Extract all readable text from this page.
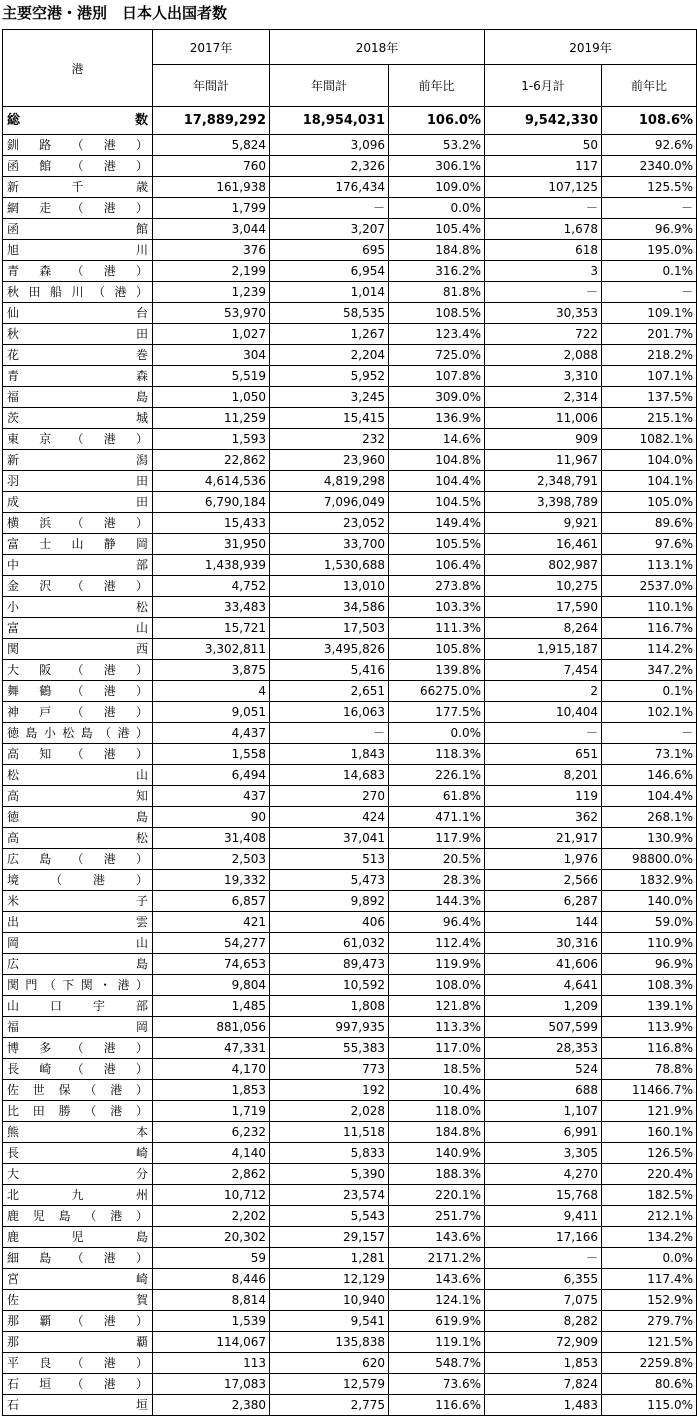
主要空港・港別　日本人出国者数
港	2017年	2018年		2019年	
	年間計	年間計	前年比	1-6月計	前年比
総数	17,889,292	18,954,031	106.0%	9,542,330	108.6%
釧路（港）	5,824	3,096	53.2%	50	92.6%
函館（港）	760	2,326	306.1%	117	2340.0%
新千歳	161,938	176,434	109.0%	107,125	125.5%
網走（港）	1,799	－	0.0%	－	－
函館	3,044	3,207	105.4%	1,678	96.9%
旭川	376	695	184.8%	618	195.0%
青森（港）	2,199	6,954	316.2%	3	0.1%
秋田船川（港）	1,239	1,014	81.8%	－	－
仙台	53,970	58,535	108.5%	30,353	109.1%
秋田	1,027	1,267	123.4%	722	201.7%
花巻	304	2,204	725.0%	2,088	218.2%
青森	5,519	5,952	107.8%	3,310	107.1%
福島	1,050	3,245	309.0%	2,314	137.5%
茨城	11,259	15,415	136.9%	11,006	215.1%
東京（港）	1,593	232	14.6%	909	1082.1%
新潟	22,862	23,960	104.8%	11,967	104.0%
羽田	4,614,536	4,819,298	104.4%	2,348,791	104.1%
成田	6,790,184	7,096,049	104.5%	3,398,789	105.0%
横浜（港）	15,433	23,052	149.4%	9,921	89.6%
富士山静岡	31,950	33,700	105.5%	16,461	97.6%
中部	1,438,939	1,530,688	106.4%	802,987	113.1%
金沢（港）	4,752	13,010	273.8%	10,275	2537.0%
小松	33,483	34,586	103.3%	17,590	110.1%
富山	15,721	17,503	111.3%	8,264	116.7%
関西	3,302,811	3,495,826	105.8%	1,915,187	114.2%
大阪（港）	3,875	5,416	139.8%	7,454	347.2%
舞鶴（港）	4	2,651	66275.0%	2	0.1%
神戸（港）	9,051	16,063	177.5%	10,404	102.1%
徳島小松島（港）	4,437	－	0.0%	－	－
高知（港）	1,558	1,843	118.3%	651	73.1%
松山	6,494	14,683	226.1%	8,201	146.6%
高知	437	270	61.8%	119	104.4%
徳島	90	424	471.1%	362	268.1%
高松	31,408	37,041	117.9%	21,917	130.9%
広島（港）	2,503	513	20.5%	1,976	98800.0%
境（港）	19,332	5,473	28.3%	2,566	1832.9%
米子	6,857	9,892	144.3%	6,287	140.0%
出雲	421	406	96.4%	144	59.0%
岡山	54,277	61,032	112.4%	30,316	110.9%
広島	74,653	89,473	119.9%	41,606	96.9%
関門（下関・港）	9,804	10,592	108.0%	4,641	108.3%
山口宇部	1,485	1,808	121.8%	1,209	139.1%
福岡	881,056	997,935	113.3%	507,599	113.9%
博多（港）	47,331	55,383	117.0%	28,353	116.8%
長崎（港）	4,170	773	18.5%	524	78.8%
佐世保（港）	1,853	192	10.4%	688	11466.7%
比田勝（港）	1,719	2,028	118.0%	1,107	121.9%
熊本	6,232	11,518	184.8%	6,991	160.1%
長崎	4,140	5,833	140.9%	3,305	126.5%
大分	2,862	5,390	188.3%	4,270	220.4%
北九州	10,712	23,574	220.1%	15,768	182.5%
鹿児島（港）	2,202	5,543	251.7%	9,411	212.1%
鹿児島	20,302	29,157	143.6%	17,166	134.2%
細島（港）	59	1,281	2171.2%	－	0.0%
宮崎	8,446	12,129	143.6%	6,355	117.4%
佐賀	8,814	10,940	124.1%	7,075	152.9%
那覇（港）	1,539	9,541	619.9%	8,282	279.7%
那覇	114,067	135,838	119.1%	72,909	121.5%
平良（港）	113	620	548.7%	1,853	2259.8%
石垣（港）	17,083	12,579	73.6%	7,824	80.6%
石垣	2,380	2,775	116.6%	1,483	115.0%
